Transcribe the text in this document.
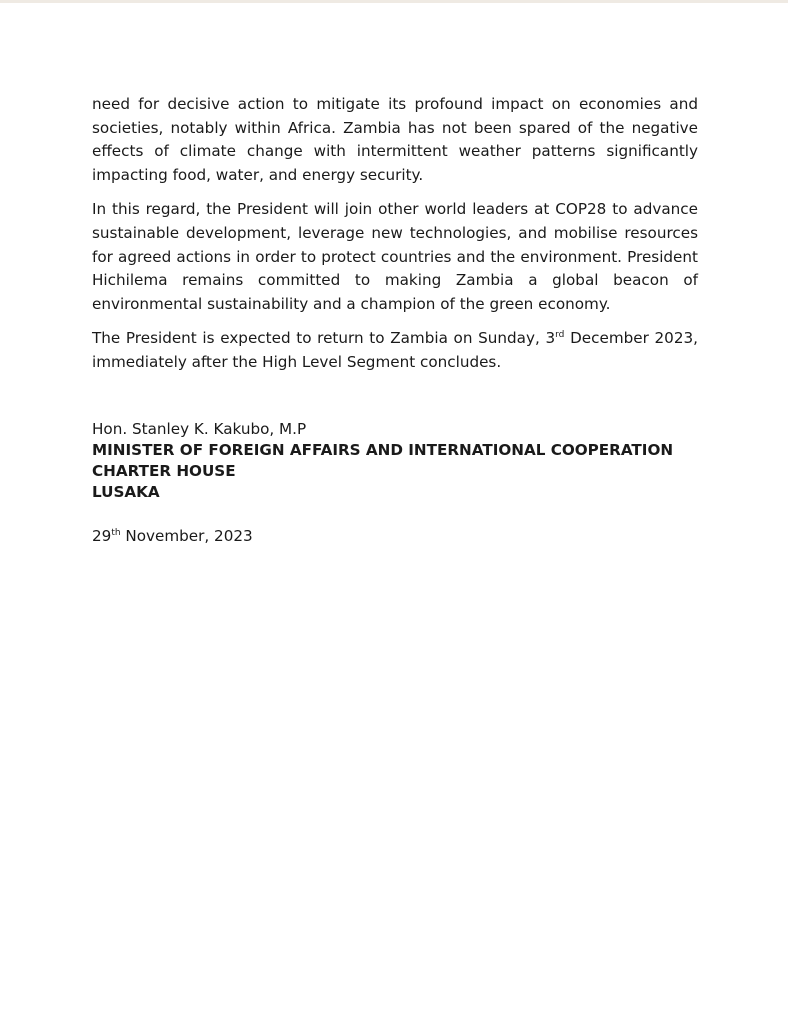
need for decisive action to mitigate its profound impact on economies and societies, notably within Africa. Zambia has not been spared of the negative effects of climate change with intermittent weather patterns significantly impacting food, water, and energy security.

In this regard, the President will join other world leaders at COP28 to advance sustainable development, leverage new technologies, and mobilise resources for agreed actions in order to protect countries and the environment. President Hichilema remains committed to making Zambia a global beacon of environmental sustainability and a champion of the green economy.

The President is expected to return to Zambia on Sunday, 3rd December 2023, immediately after the High Level Segment concludes.

Hon. Stanley K. Kakubo, M.P
MINISTER OF FOREIGN AFFAIRS AND INTERNATIONAL COOPERATION
CHARTER HOUSE
LUSAKA
29th November, 2023
